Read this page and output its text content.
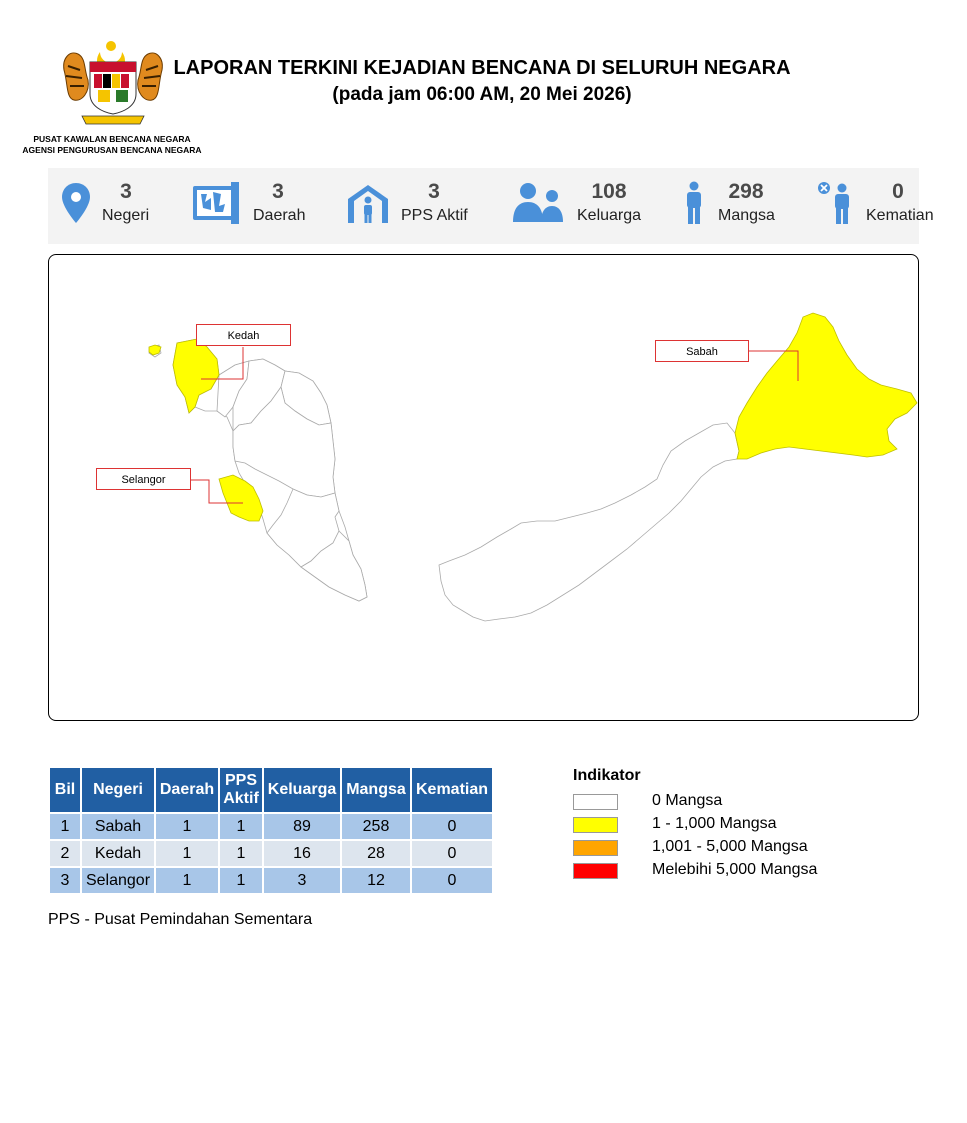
PUSAT KAWALAN BENCANA NEGARA
AGENSI PENGURUSAN BENCANA NEGARA
LAPORAN TERKINI KEJADIAN BENCANA DI SELURUH NEGARA
(pada jam 06:00 AM, 20 Mei 2026)
3
Negeri
3
Daerah
3
PPS Aktif
108
Keluarga
298
Mangsa
0
Kematian
Kedah
Sabah
Selangor
Bil	Negeri	Daerah	PPS Aktif	Keluarga	Mangsa	Kematian
1	Sabah	1	1	89	258	0
2	Kedah	1	1	16	28	0
3	Selangor	1	1	3	12	0
PPS - Pusat Pemindahan Sementara
Indikator
0 Mangsa
1 - 1,000 Mangsa
1,001 - 5,000 Mangsa
Melebihi 5,000 Mangsa
